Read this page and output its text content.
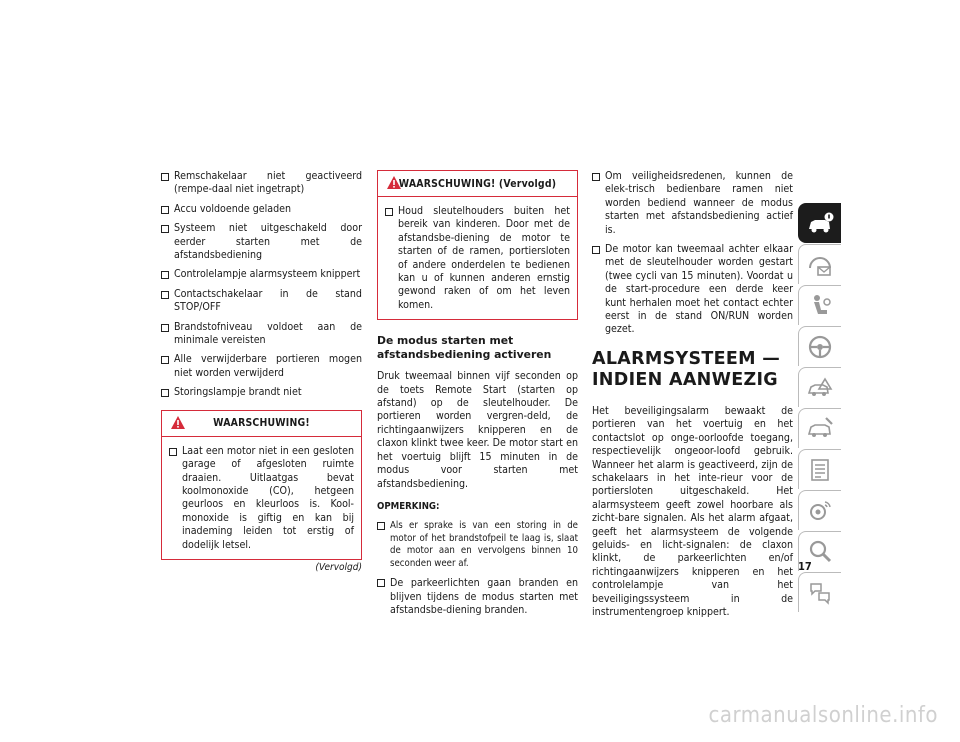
Remschakelaar niet geactiveerd (rempe-daal niet ingetrapt)
Accu voldoende geladen
Systeem niet uitgeschakeld door eerder starten met de afstandsbediening
Controlelampje alarmsysteem knippert
Contactschakelaar in de stand STOP/OFF
Brandstofniveau voldoet aan de minimale vereisten
Alle verwijderbare portieren mogen niet worden verwijderd
Storingslampje brandt niet
WAARSCHUWING!
Laat een motor niet in een gesloten garage of afgesloten ruimte draaien. Uitlaatgas bevat koolmonoxide (CO), hetgeen geurloos en kleurloos is. Kool-monoxide is giftig en kan bij inademing leiden tot erstig of dodelijk letsel.
(Vervolgd)
WAARSCHUWING! (Vervolgd)
Houd sleutelhouders buiten het bereik van kinderen. Door met de afstandsbe-diening de motor te starten of de ramen, portiersloten of andere onderdelen te bedienen kan u of kunnen anderen ernstig gewond raken of om het leven komen.
De modus starten met afstandsbediening activeren

Druk tweemaal binnen vijf seconden op de toets Remote Start (starten op afstand) op de sleutelhouder. De portieren worden vergren-deld, de richtingaanwijzers knipperen en de claxon klinkt twee keer. De motor start en het voertuig blijft 15 minuten in de modus voor starten met afstandsbediening.

OPMERKING:
Als er sprake is van een storing in de motor of het brandstofpeil te laag is, slaat de motor aan en vervolgens binnen 10 seconden weer af.
De parkeerlichten gaan branden en blijven tijdens de modus starten met afstandsbe-diening branden.
Om veiligheidsredenen, kunnen de elek-trisch bedienbare ramen niet worden bediend wanneer de modus starten met afstandsbediening actief is.
De motor kan tweemaal achter elkaar met de sleutelhouder worden gestart (twee cycli van 15 minuten). Voordat u de start-procedure een derde keer kunt herhalen moet het contact echter eerst in de stand ON/RUN worden gezet.
ALARMSYSTEEM — INDIEN AANWEZIG

Het beveiligingsalarm bewaakt de portieren van het voertuig en het contactslot op onge-oorloofde toegang, respectievelijk ongeoor-loofd gebruik. Wanneer het alarm is geactiveerd, zijn de schakelaars in het inte-rieur voor de portiersloten uitgeschakeld. Het alarmsysteem geeft zowel hoorbare als zicht-bare signalen. Als het alarm afgaat, geeft het alarmsysteem de volgende geluids- en licht-signalen: de claxon klinkt, de parkeerlichten en/of richtingaanwijzers knipperen en het controlelampje van het beveiligingssysteem in de instrumentengroep knippert.

17
carmanualsonline.info
